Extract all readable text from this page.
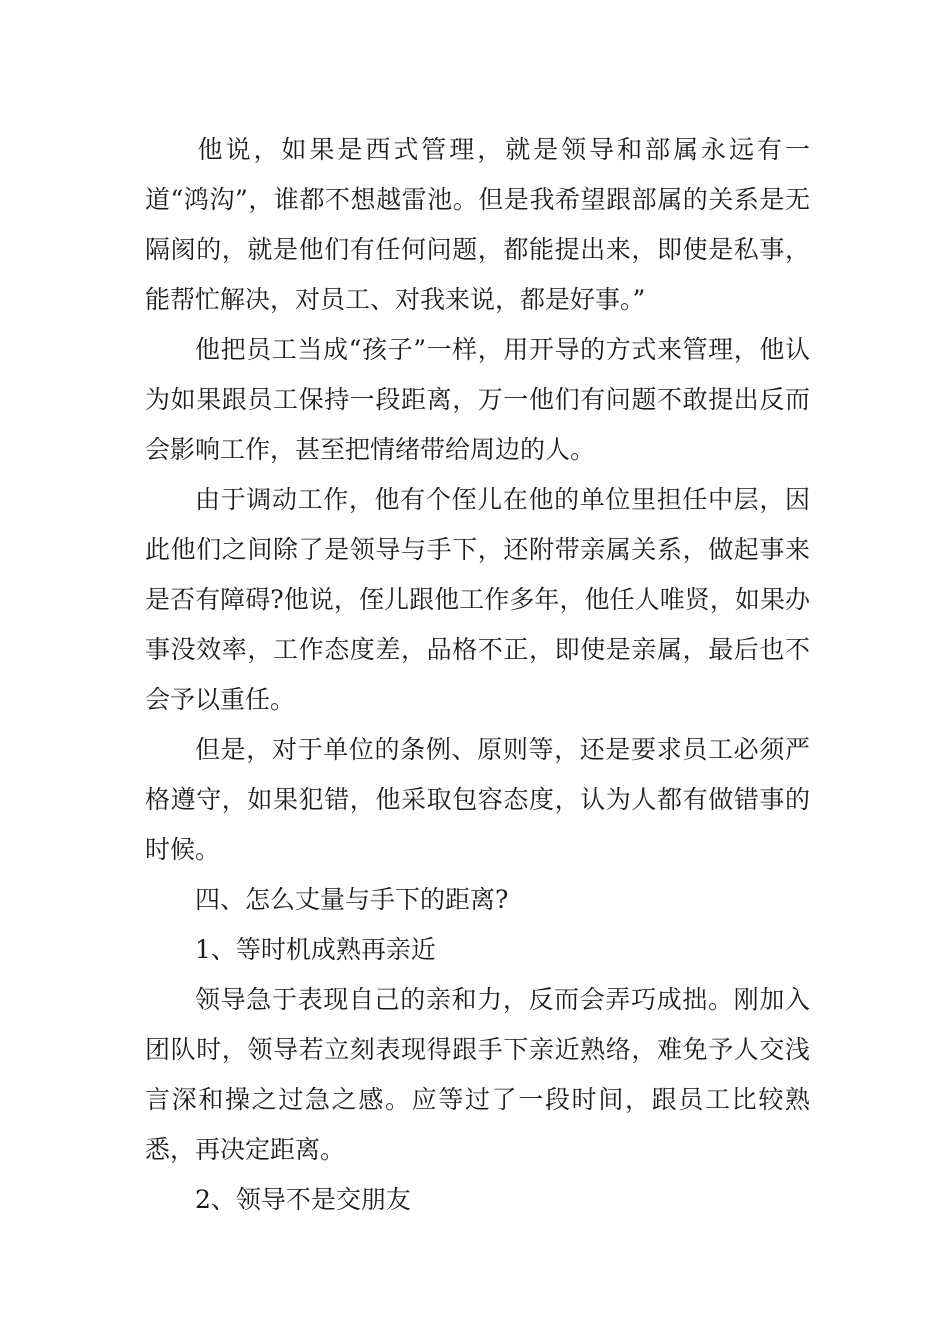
他说，如果是西式管理，就是领导和部属永远有一道“鸿沟”，谁都不想越雷池。但是我希望跟部属的关系是无隔阂的，就是他们有任何问题，都能提出来，即使是私事，能帮忙解决，对员工、对我来说，都是好事。”

他把员工当成“孩子”一样，用开导的方式来管理，他认为如果跟员工保持一段距离，万一他们有问题不敢提出反而会影响工作，甚至把情绪带给周边的人。

由于调动工作，他有个侄儿在他的单位里担任中层，因此他们之间除了是领导与手下，还附带亲属关系，做起事来是否有障碍?他说，侄儿跟他工作多年，他任人唯贤，如果办事没效率，工作态度差，品格不正，即使是亲属，最后也不会予以重任。

但是，对于单位的条例、原则等，还是要求员工必须严格遵守，如果犯错，他采取包容态度，认为人都有做错事的时候。

四、怎么丈量与手下的距离?

1、等时机成熟再亲近

领导急于表现自己的亲和力，反而会弄巧成拙。刚加入团队时，领导若立刻表现得跟手下亲近熟络，难免予人交浅言深和操之过急之感。应等过了一段时间，跟员工比较熟悉，再决定距离。

2、领导不是交朋友
